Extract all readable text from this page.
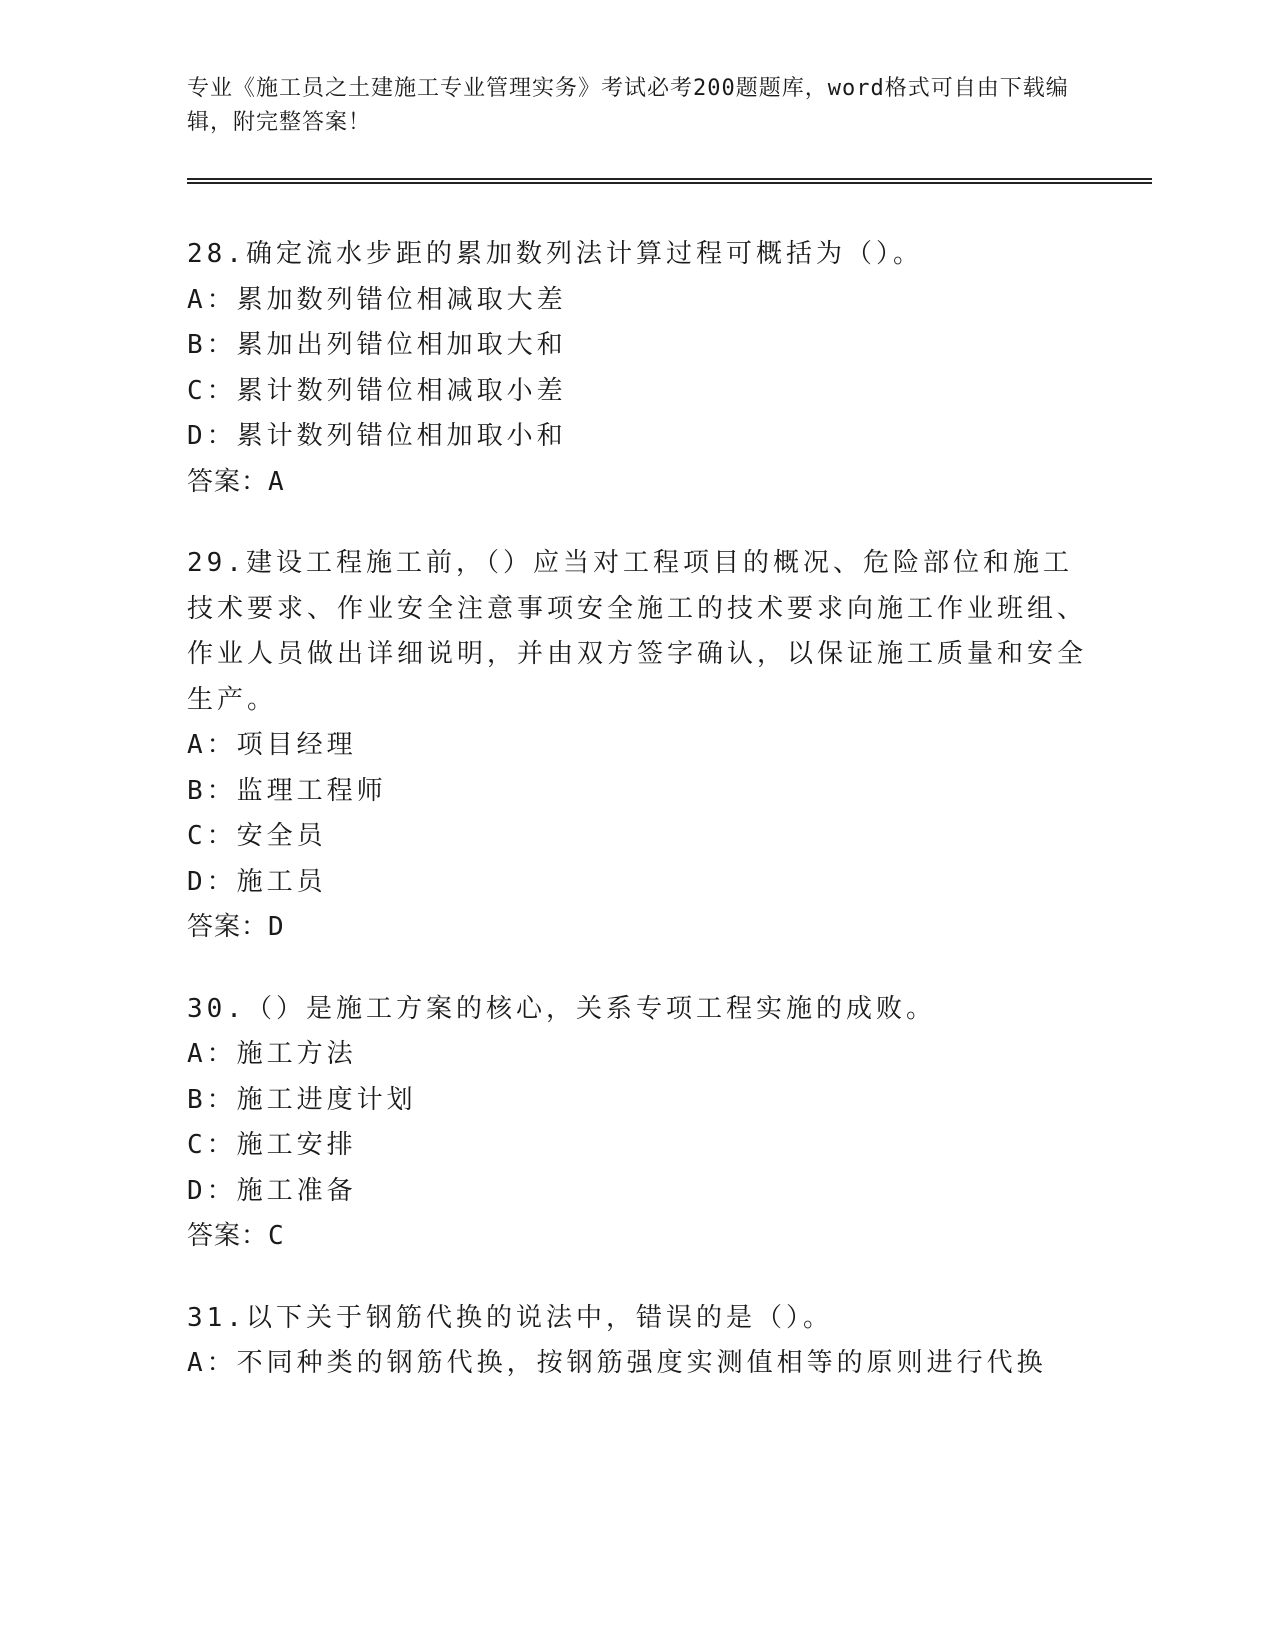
专业《施工员之土建施工专业管理实务》考试必考200题题库，word格式可自由下载编辑，附完整答案！

28.确定流水步距的累加数列法计算过程可概括为（）。

A：累加数列错位相减取大差

B：累加出列错位相加取大和

C：累计数列错位相减取小差

D：累计数列错位相加取小和

答案：A

29.建设工程施工前，（）应当对工程项目的概况、危险部位和施工技术要求、作业安全注意事项安全施工的技术要求向施工作业班组、作业人员做出详细说明，并由双方签字确认，以保证施工质量和安全生产。

A：项目经理

B：监理工程师

C：安全员

D：施工员

答案：D

30.（）是施工方案的核心，关系专项工程实施的成败。

A：施工方法

B：施工进度计划

C：施工安排

D：施工准备

答案：C

31.以下关于钢筋代换的说法中，错误的是（）。

A：不同种类的钢筋代换，按钢筋强度实测值相等的原则进行代换
